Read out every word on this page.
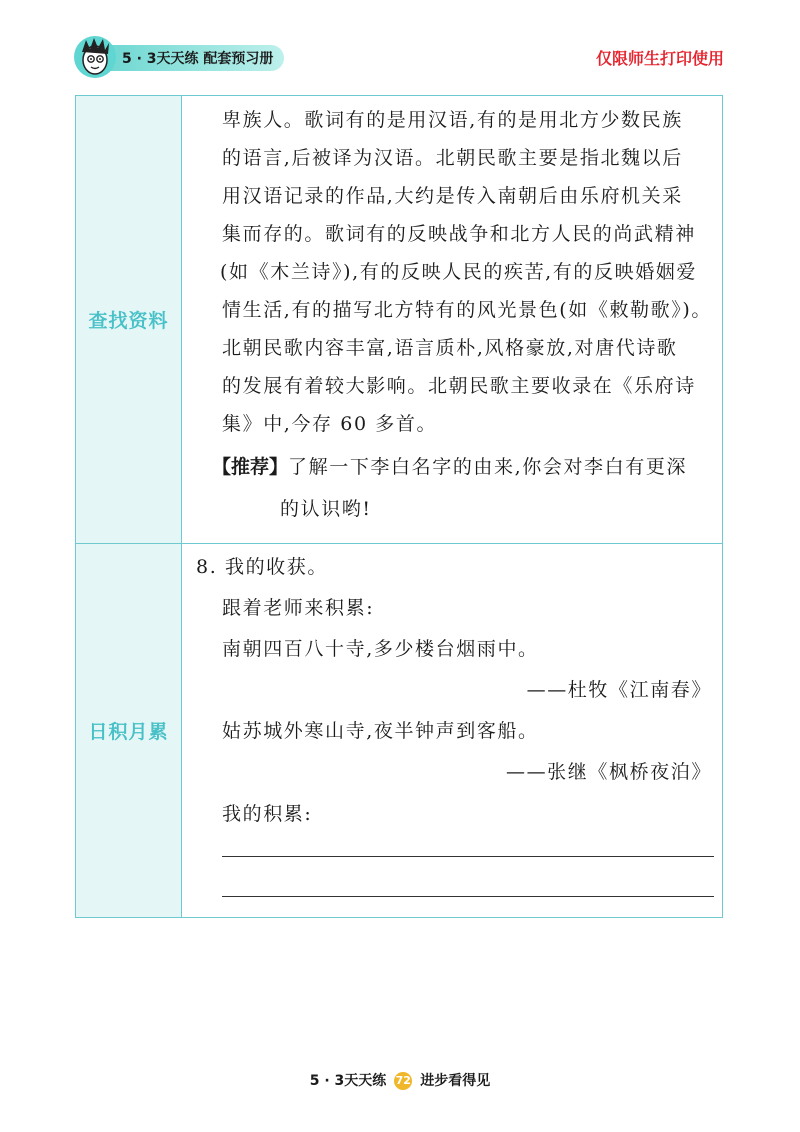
5 · 3天天练 配套预习册	仅限师生打印使用
查找资料
卑族人。歌词有的是用汉语,有的是用北方少数民族
的语言,后被译为汉语。北朝民歌主要是指北魏以后
用汉语记录的作品,大约是传入南朝后由乐府机关采
集而存的。歌词有的反映战争和北方人民的尚武精神
(如《木兰诗》),有的反映人民的疾苦,有的反映婚姻爱
情生活,有的描写北方特有的风光景色(如《敕勒歌》)。
北朝民歌内容丰富,语言质朴,风格豪放,对唐代诗歌
的发展有着较大影响。北朝民歌主要收录在《乐府诗
集》中,今存 60 多首。
【推荐】了解一下李白名字的由来,你会对李白有更深
的认识哟!
日积月累
8. 我的收获。
跟着老师来积累:
南朝四百八十寺,多少楼台烟雨中。
——杜牧《江南春》
姑苏城外寒山寺,夜半钟声到客船。
——张继《枫桥夜泊》
我的积累:
5 · 3天天练 72 进步看得见
